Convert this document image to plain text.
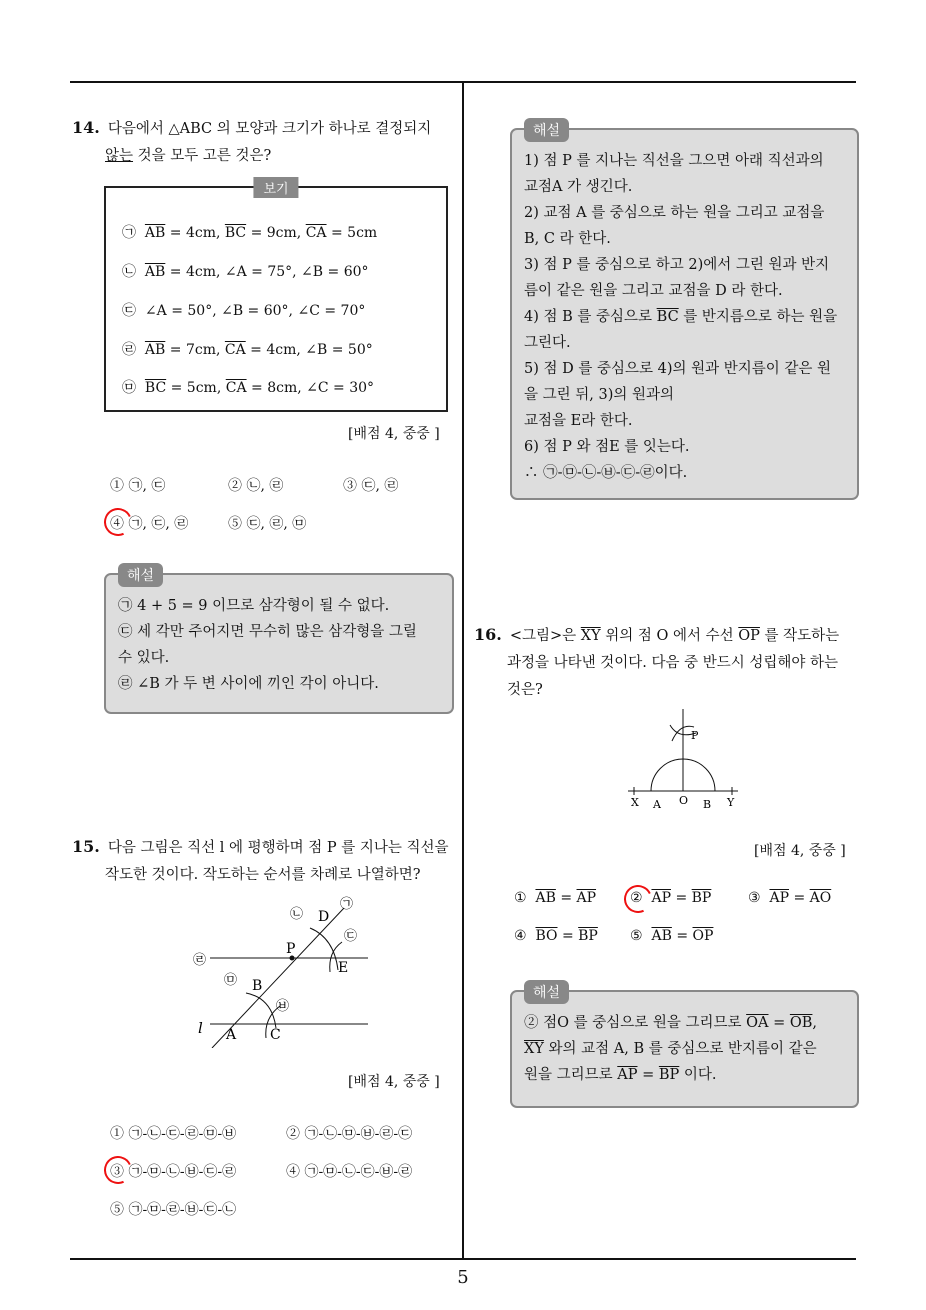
14. 다음에서 △ABC 의 모양과 크기가 하나로 결정되지
않는 것을 모두 고른 것은?
보기
㉠ $\overline{AB} = 4cm$, $\overline{BC} = 9cm$, $\overline{CA} = 5cm$
㉡ $\overline{AB} = 4cm$, ∠A = 75°, ∠B = 60°
㉢ ∠A = 50°, ∠B = 60°, ∠C = 70°
㉣ $\overline{AB} = 7cm$, $\overline{CA} = 4cm$, ∠B = 50°
㉤ $\overline{BC} = 5cm$, $\overline{CA} = 8cm$, ∠C = 30°
[배점 4, 중중 ]
① ㉠, ㉢	② ㉡, ㉣	③ ㉢, ㉣
④ ㉠, ㉢, ㉣	⑤ ㉢, ㉣, ㉤
해설
㉠ 4 + 5 = 9 이므로 삼각형이 될 수 없다.
㉢ 세 각만 주어지면 무수히 많은 삼각형을 그릴
수 있다.
㉣ ∠B 가 두 변 사이에 끼인 각이 아니다.
15. 다음 그림은 직선 l 에 평행하며 점 P 를 지나는 직선을
작도한 것이다. 작도하는 순서를 차례로 나열하면?
l A C
B
P
E
D
㉠
㉡
㉢
㉣
㉤
㉥
[배점 4, 중중 ]
① ㉠-㉡-㉢-㉣-㉤-㉥	② ㉠-㉡-㉤-㉥-㉣-㉢
③ ㉠-㉤-㉡-㉥-㉢-㉣	④ ㉠-㉤-㉡-㉢-㉥-㉣
⑤ ㉠-㉤-㉣-㉥-㉢-㉡
해설
1) 점 P 를 지나는 직선을 그으면 아래 직선과의
교점A 가 생긴다.
2) 교점 A 를 중심으로 하는 원을 그리고 교점을
B, C 라 한다.
3) 점 P 를 중심으로 하고 2)에서 그린 원과 반지
름이 같은 원을 그리고 교점을 D 라 한다.
4) 점 B 를 중심으로 $\overline{BC}$ 를 반지름으로 하는 원을
그린다.
5) 점 D 를 중심으로 4)의 원과 반지름이 같은 원
을 그린 뒤, 3)의 원과의
교점을 E라 한다.
6) 점 P 와 점E 를 잇는다.
∴ ㉠-㉤-㉡-㉥-㉢-㉣이다.
16. <그림>은 $\overline{XY}$ 위의 점 O 에서 수선 $\overline{OP}$ 를 작도하는
과정을 나타낸 것이다. 다음 중 반드시 성립해야 하는
것은?
P
X A O B Y
[배점 4, 중중 ]
① $\overline{AB} = \overline{AP}$ ② $\overline{AP} = \overline{BP}$	③ $\overline{AP} = \overline{AO}$
④ $\overline{BO} = \overline{BP}$ ⑤ $\overline{AB} = \overline{OP}$
해설
② 점O 를 중심으로 원을 그리므로 $\overline{OA} = \overline{OB}$,
$\overline{XY}$ 와의 교점 A, B 를 중심으로 반지름이 같은
원을 그리므로 $\overline{AP} = \overline{BP}$ 이다.
5
